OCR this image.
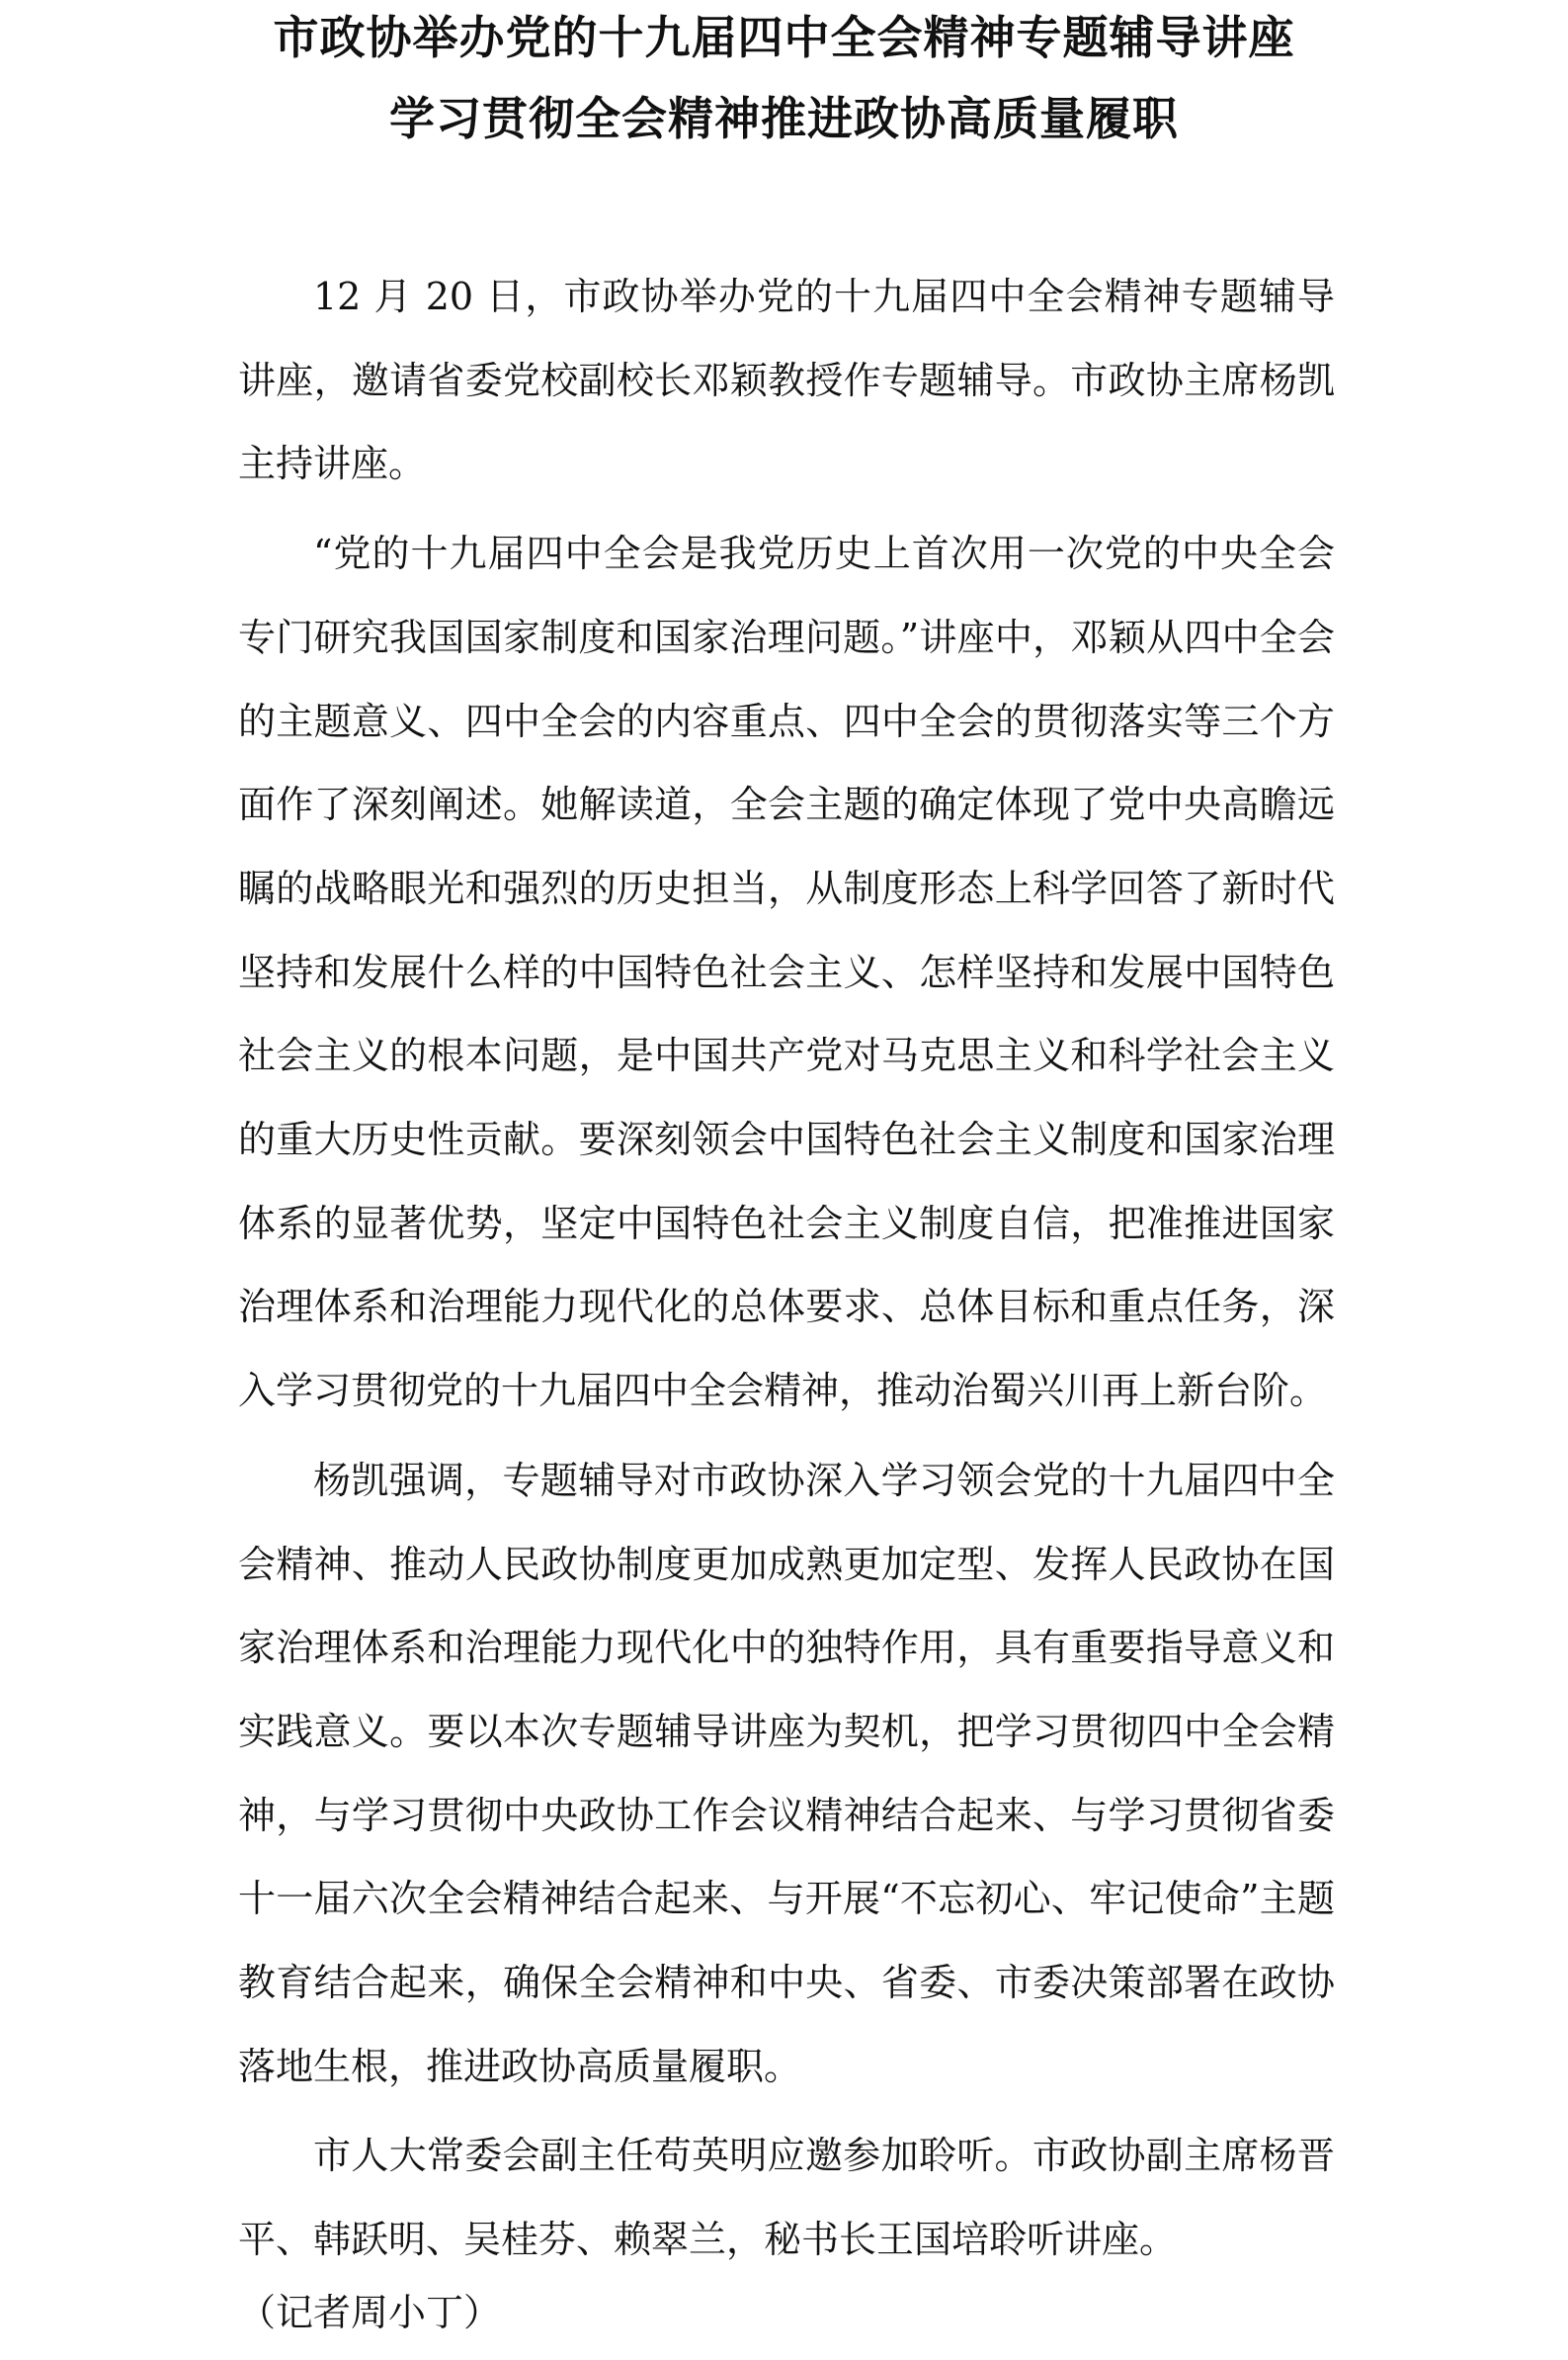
市政协举办党的十九届四中全会精神专题辅导讲座
学习贯彻全会精神推进政协高质量履职

12 月 20 日，市政协举办党的十九届四中全会精神专题辅导讲座，邀请省委党校副校长邓颖教授作专题辅导。市政协主席杨凯主持讲座。

“党的十九届四中全会是我党历史上首次用一次党的中央全会专门研究我国国家制度和国家治理问题。”讲座中，邓颖从四中全会的主题意义、四中全会的内容重点、四中全会的贯彻落实等三个方面作了深刻阐述。她解读道，全会主题的确定体现了党中央高瞻远瞩的战略眼光和强烈的历史担当，从制度形态上科学回答了新时代坚持和发展什么样的中国特色社会主义、怎样坚持和发展中国特色社会主义的根本问题，是中国共产党对马克思主义和科学社会主义的重大历史性贡献。要深刻领会中国特色社会主义制度和国家治理体系的显著优势，坚定中国特色社会主义制度自信，把准推进国家治理体系和治理能力现代化的总体要求、总体目标和重点任务，深入学习贯彻党的十九届四中全会精神，推动治蜀兴川再上新台阶。

杨凯强调，专题辅导对市政协深入学习领会党的十九届四中全会精神、推动人民政协制度更加成熟更加定型、发挥人民政协在国家治理体系和治理能力现代化中的独特作用，具有重要指导意义和实践意义。要以本次专题辅导讲座为契机，把学习贯彻四中全会精神，与学习贯彻中央政协工作会议精神结合起来、与学习贯彻省委十一届六次全会精神结合起来、与开展“不忘初心、牢记使命”主题教育结合起来，确保全会精神和中央、省委、市委决策部署在政协落地生根，推进政协高质量履职。

市人大常委会副主任苟英明应邀参加聆听。市政协副主席杨晋平、韩跃明、吴桂芬、赖翠兰，秘书长王国培聆听讲座。

（记者周小丁）
